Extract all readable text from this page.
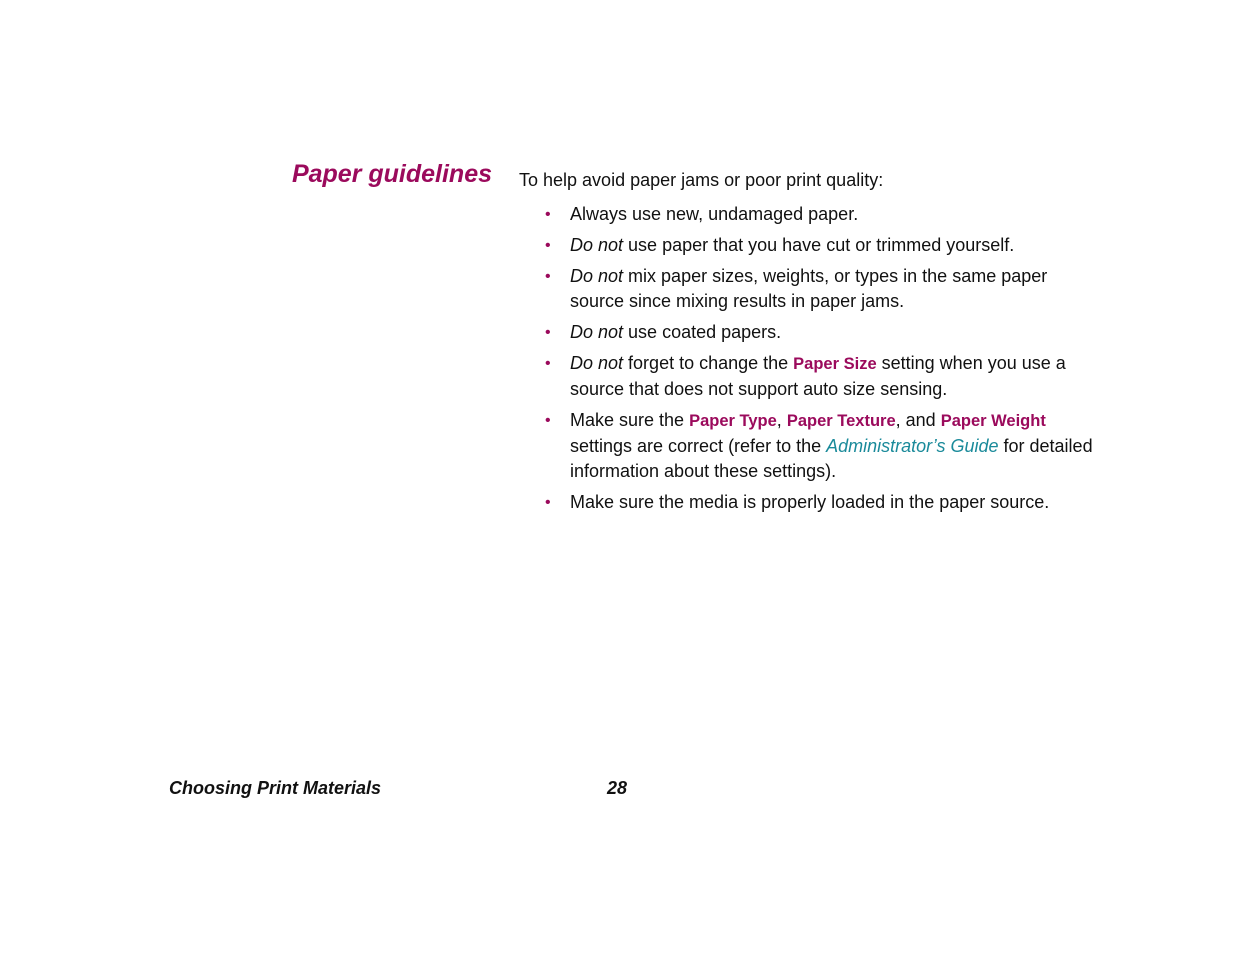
Paper guidelines To help avoid paper jams or poor print quality:

• Always use new, undamaged paper.
• Do not use paper that you have cut or trimmed yourself.
• Do not mix paper sizes, weights, or types in the same paper source since mixing results in paper jams.
• Do not use coated papers.
• Do not forget to change the Paper Size setting when you use a source that does not support auto size sensing.
• Make sure the Paper Type, Paper Texture, and Paper Weight settings are correct (refer to the Administrator’s Guide for detailed information about these settings).
• Make sure the media is properly loaded in the paper source.
Choosing Print Materials	28
